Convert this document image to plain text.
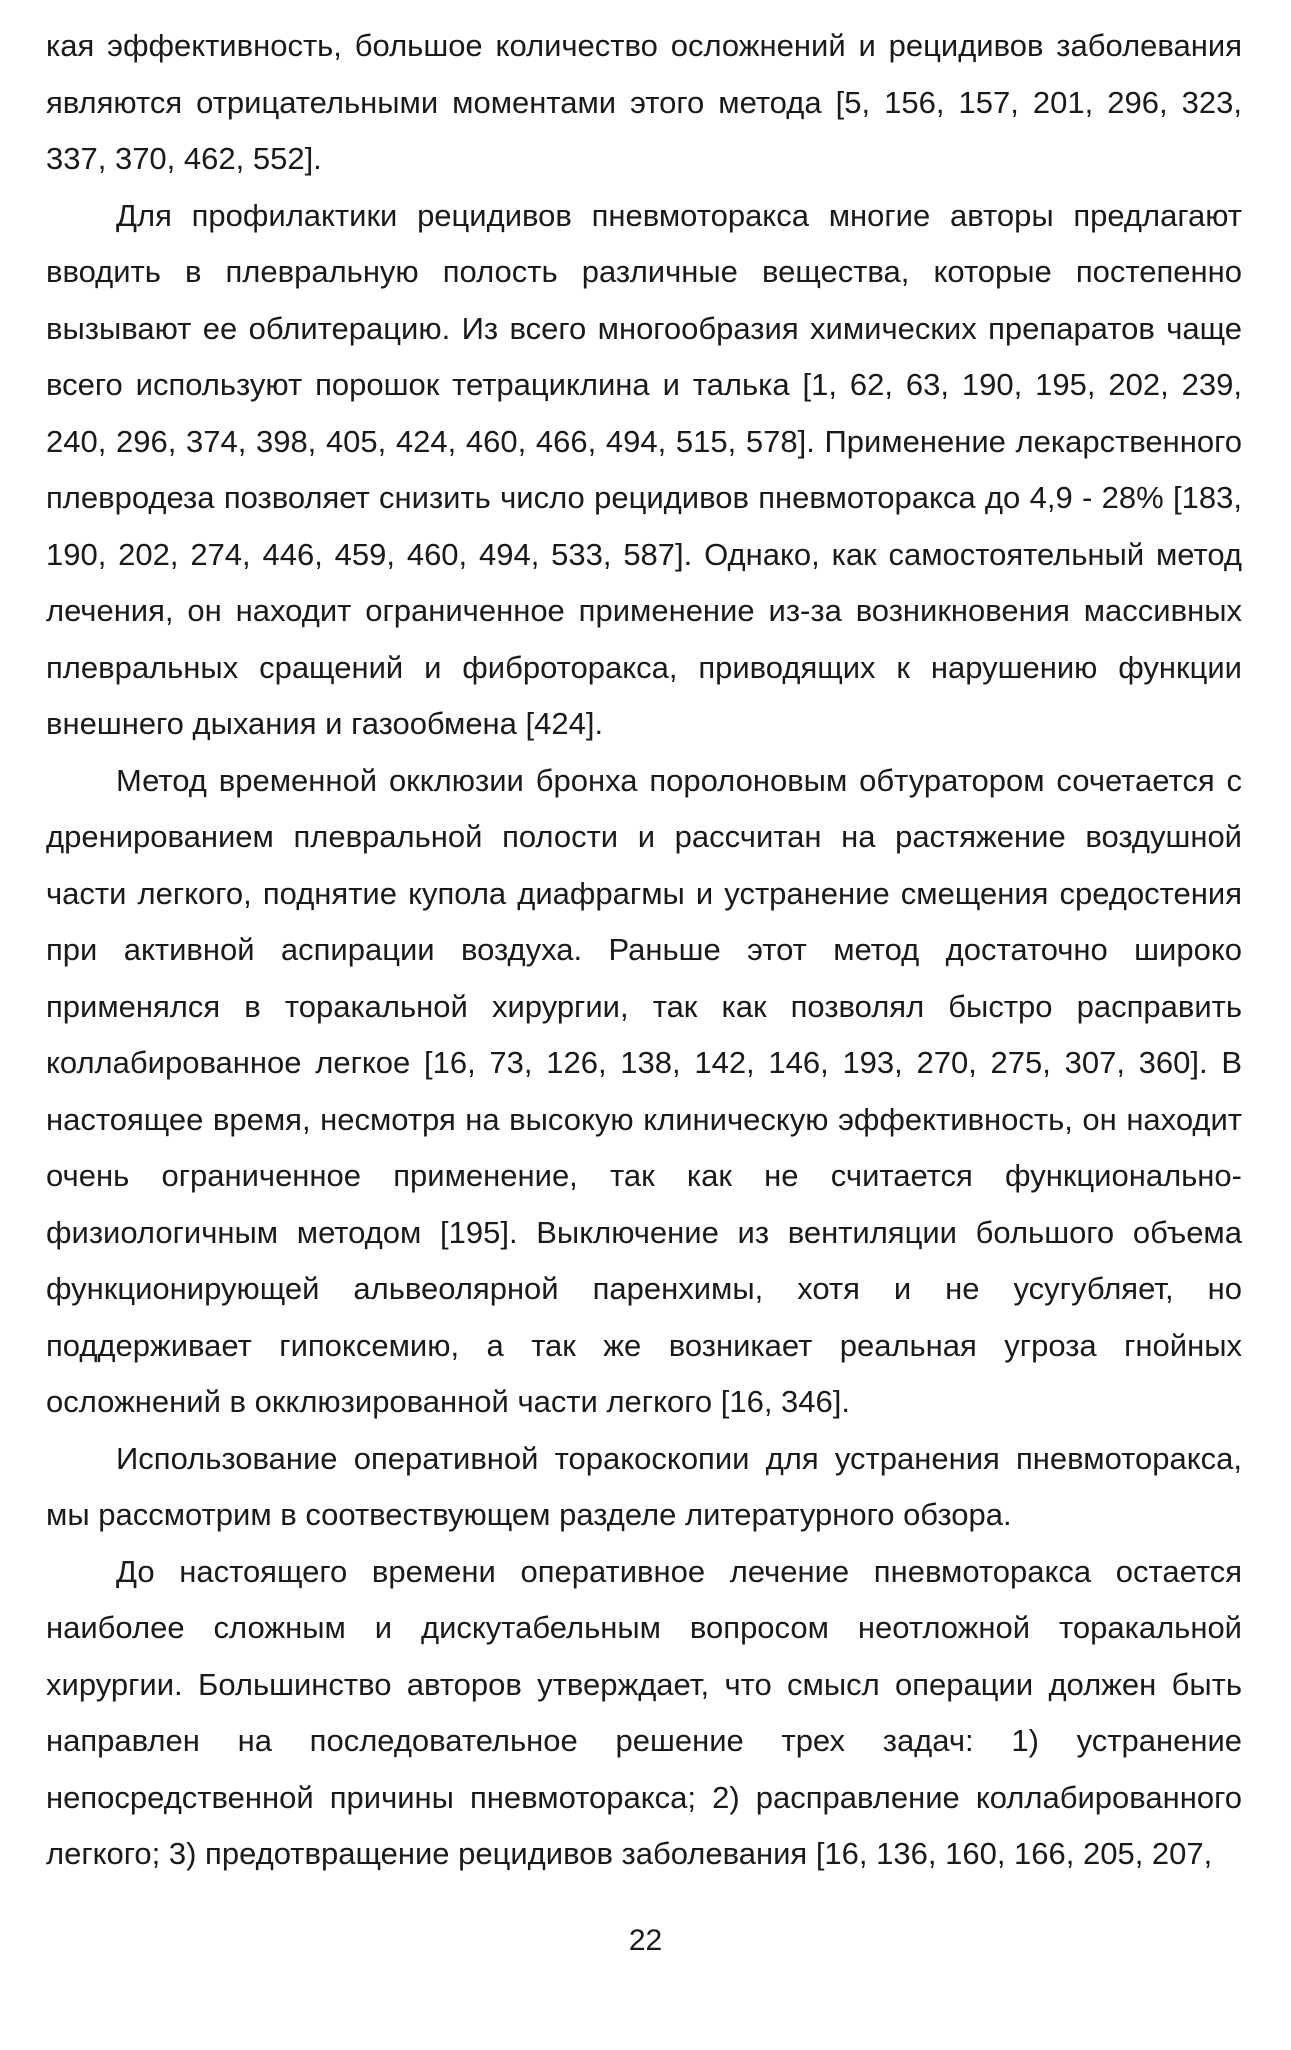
кая эффективность, большое количество осложнений и рецидивов заболевания являются отрицательными моментами этого метода [5, 156, 157, 201, 296, 323, 337, 370, 462, 552].

Для профилактики рецидивов пневмоторакса многие авторы предлагают вводить в плевральную полость различные вещества, которые постепенно вызывают ее облитерацию. Из всего многообразия химических препаратов чаще всего используют порошок тетрациклина и талька [1, 62, 63, 190, 195, 202, 239, 240, 296, 374, 398, 405, 424, 460, 466, 494, 515, 578]. Применение лекарственного плевродеза позволяет снизить число рецидивов пневмоторакса до 4,9 - 28% [183, 190, 202, 274, 446, 459, 460, 494, 533, 587]. Однако, как самостоятельный метод лечения, он находит ограниченное применение из-за возникновения массивных плевральных сращений и фиброторакса, приводящих к нарушению функции внешнего дыхания и газообмена [424].

Метод временной окклюзии бронха поролоновым обтуратором сочетается с дренированием плевральной полости и рассчитан на растяжение воздушной части легкого, поднятие купола диафрагмы и устранение смещения средостения при активной аспирации воздуха. Раньше этот метод достаточно широко применялся в торакальной хирургии, так как позволял быстро расправить коллабированное легкое [16, 73, 126, 138, 142, 146, 193, 270, 275, 307, 360]. В настоящее время, несмотря на высокую клиническую эффективность, он находит очень ограниченное применение, так как не считается функционально-физиологичным методом [195]. Выключение из вентиляции большого объема функционирующей альвеолярной паренхимы, хотя и не усугубляет, но поддерживает гипоксемию, а так же возникает реальная угроза гнойных осложнений в окклюзированной части легкого [16, 346].

Использование оперативной торакоскопии для устранения пневмоторакса, мы рассмотрим в соотвествующем разделе литературного обзора.

До настоящего времени оперативное лечение пневмоторакса остается наиболее сложным и дискутабельным вопросом неотложной торакальной хирургии. Большинство авторов утверждает, что смысл операции должен быть направлен на последовательное решение трех задач: 1) устранение непосредственной причины пневмоторакса; 2) расправление коллабированного легкого; 3) предотвращение рецидивов заболевания [16, 136, 160, 166, 205, 207,

22
